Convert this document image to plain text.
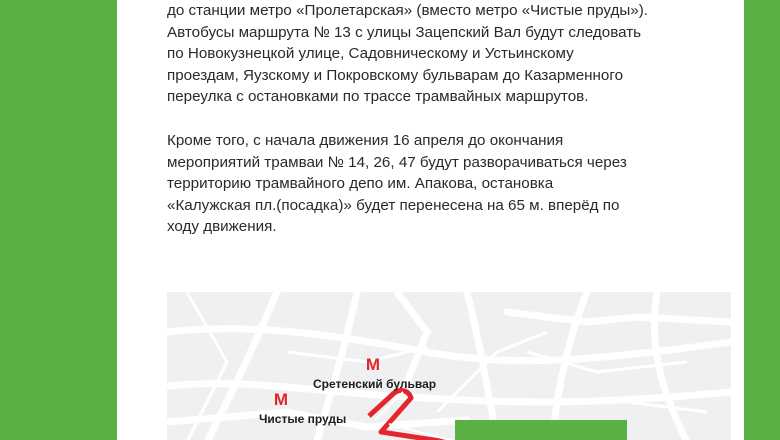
до станции метро «Пролетарская» (вместо метро «Чистые пруды»).
Автобусы маршрута № 13 с улицы Зацепский Вал будут следовать
по Новокузнецкой улице, Садовническому и Устьинскому
проездам, Яузскому и Покровскому бульварам до Казарменного
переулка с остановками по трассе трамвайных маршрутов.
Кроме того, с начала движения 16 апреля до окончания
мероприятий трамваи № 14, 26, 47 будут разворачиваться через
территорию трамвайного депо им. Апакова, остановка
«Калужская пл.(посадка)» будет перенесена на 65 м. вперёд по
ходу движения.
М
Сретенский бульвар
М
Чистые пруды
